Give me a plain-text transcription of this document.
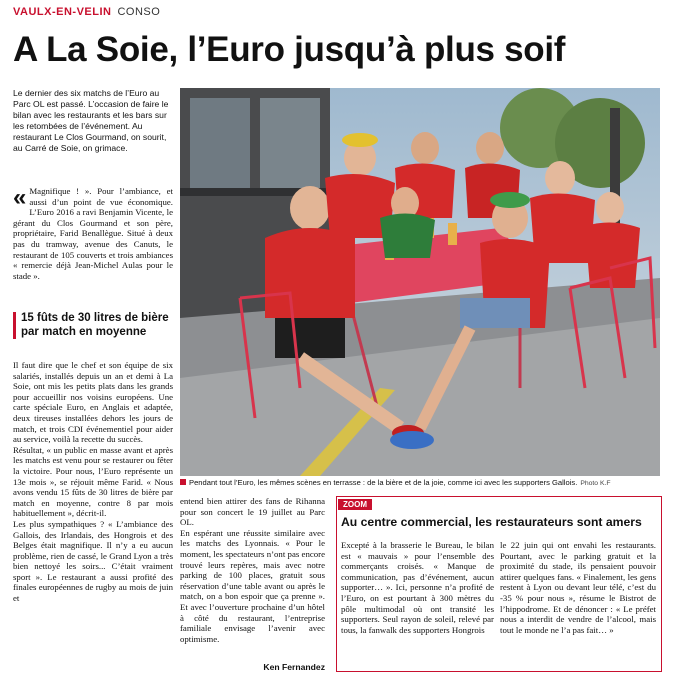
VAULX-EN-VELIN CONSO
A La Soie, l’Euro jusqu’à plus soif
Le dernier des six matchs de l’Euro au Parc OL est passé. L’occasion de faire le bilan avec les restaurants et les bars sur les retombées de l’événement. Au restaurant Le Clos Gourmand, on sourit, au Carré de Soie, on grimace.
« Magnifique ! ». Pour l’ambiance, et aussi d’un point de vue économique. L’Euro 2016 a ravi Benjamin Vicente, le gérant du Clos Gourmand et son père, propriétaire, Farid Benallègue. Situé à deux pas du tramway, avenue des Canuts, le restaurant de 105 couverts et trois ambiances « remercie déjà Jean-Michel Aulas pour le stade ».
15 fûts de 30 litres de bière par match en moyenne
Il faut dire que le chef et son équipe de six salariés, installés depuis un an et demi à La Soie, ont mis les petits plats dans les grands pour accueillir nos voisins européens. Une carte spéciale Euro, en Anglais et adaptée, deux tireuses installées dehors les jours de match, et trois CDI événementiel pour aider au service, voilà la recette du succès.
Résultat, « un public en masse avant et après les matchs est venu pour se restaurer ou fêter la victoire. Pour nous, l’Euro représente un 13e mois », se réjouit même Farid. « Nous avons vendu 15 fûts de 30 litres de bière par match en moyenne, contre 8 par mois habituellement », décrit-il.
Les plus sympathiques ? « L’ambiance des Gallois, des Irlandais, des Hongrois et des Belges était magnifique. Il n’y a eu aucun problème, rien de cassé, le Grand Lyon a très bien nettoyé les soirs... C’était vraiment sport ». Le restaurant a aussi profité des finales européennes de rugby au mois de juin et
Pendant tout l’Euro, les mêmes scènes en terrasse : de la bière et de la joie, comme ici avec les supporters Gallois. Photo K.F
entend bien attirer des fans de Rihanna pour son concert le 19 juillet au Parc OL.
En espérant une réussite similaire avec les matchs des Lyonnais. « Pour le moment, les spectateurs n’ont pas encore trouvé leurs repères, mais avec notre parking de 100 places, gratuit sous réservation d’une table avant ou après le match, on a bon espoir que ça prenne ». Et avec l’ouverture prochaine d’un hôtel à côté du restaurant, l’entreprise familiale envisage l’avenir avec optimisme.
Ken Fernandez
ZOOM
Au centre commercial, les restaurateurs sont amers
Excepté à la brasserie le Bureau, le bilan est « mauvais » pour l’ensemble des commerçants croisés. « Manque de communication, pas d’événement, aucun supporter… ». Ici, personne n’a profité de l’Euro, on est pourtant à 300 mètres du pôle multimodal où ont transité les supporters. Seul rayon de soleil, relevé par tous, la fanwalk des supporters Hongrois
le 22 juin qui ont envahi les restaurants. Pourtant, avec le parking gratuit et la proximité du stade, ils pensaient pouvoir attirer quelques fans. « Finalement, les gens restent à Lyon ou devant leur télé, c’est du -35 % pour nous », résume le Bistrot de l’hippodrome. Et de dénoncer : « Le préfet nous a interdit de vendre de l’alcool, mais tout le monde ne l’a pas fait… »
